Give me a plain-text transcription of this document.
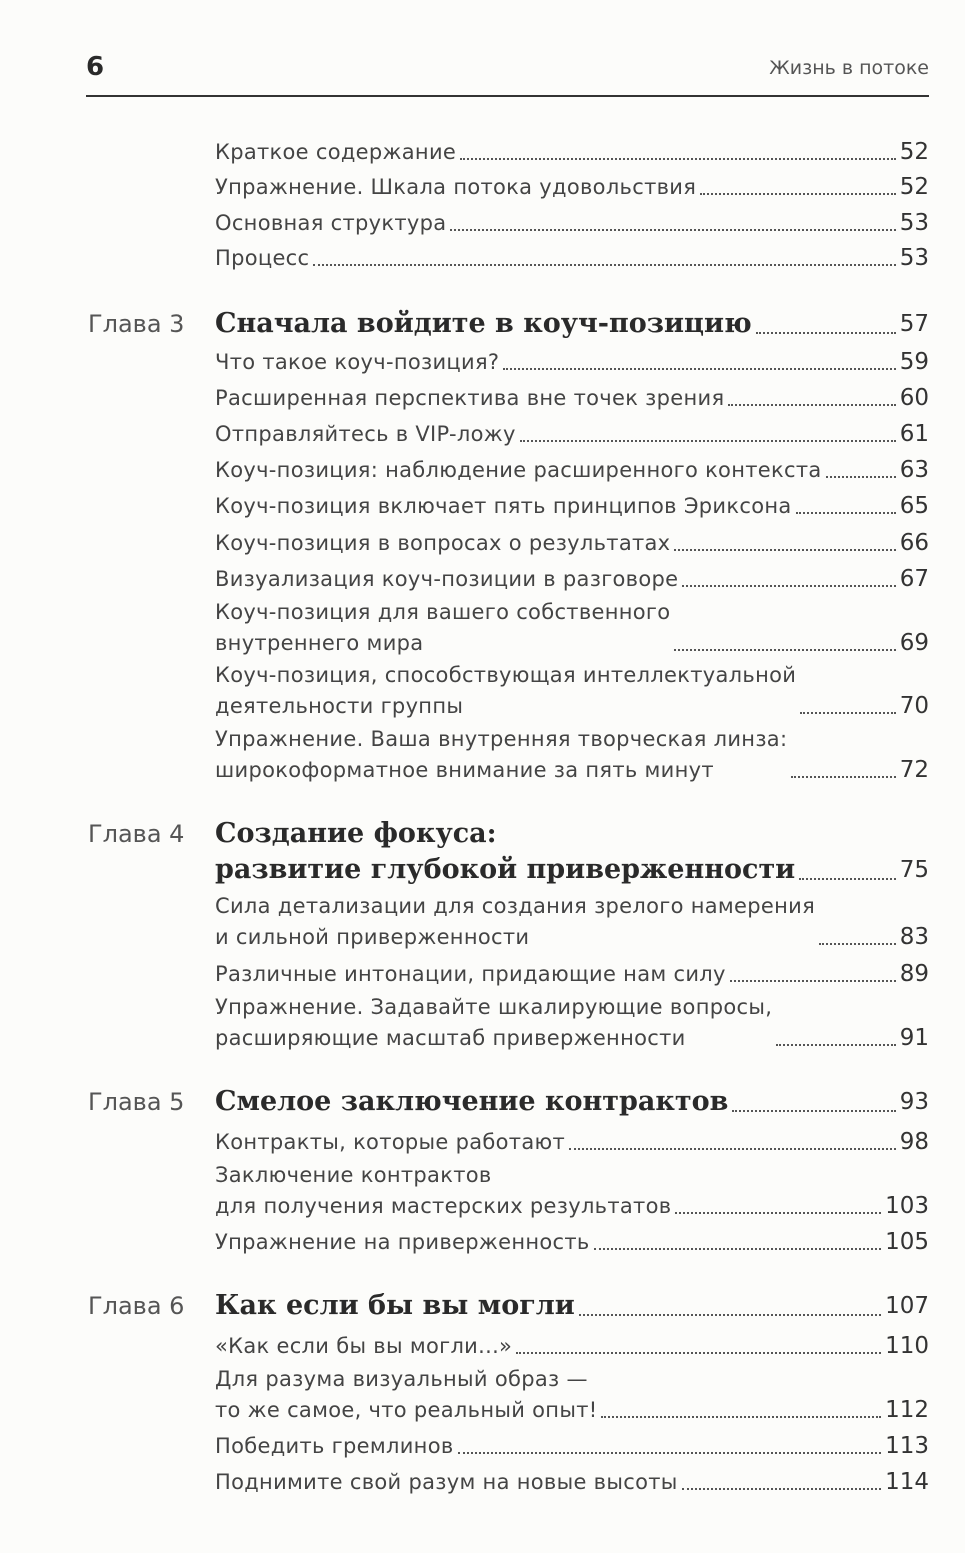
6	Жизнь в потоке
Краткое содержание	52
Упражнение. Шкала потока удовольствия	52
Основная структура	53
Процесс	53
Глава 3 Сначала войдите в коуч-позицию	57
Что такое коуч-позиция?	59
Расширенная перспектива вне точек зрения	60
Отправляйтесь в VIP-ложу	61
Коуч-позиция: наблюдение расширенного контекста	63
Коуч-позиция включает пять принципов Эриксона	65
Коуч-позиция в вопросах о результатах	66
Визуализация коуч-позиции в разговоре	67
Коуч-позиция для вашего собственного
внутреннего мира	69
Коуч-позиция, способствующая интеллектуальной
деятельности группы	70
Упражнение. Ваша внутренняя творческая линза:
широкоформатное внимание за пять минут	72
Глава 4 Создание фокуса:
развитие глубокой приверженности	75
Сила детализации для создания зрелого намерения
и сильной приверженности	83
Различные интонации, придающие нам силу	89
Упражнение. Задавайте шкалирующие вопросы,
расширяющие масштаб приверженности	91
Глава 5 Смелое заключение контрактов	93
Контракты, которые работают	98
Заключение контрактов
для получения мастерских результатов	103
Упражнение на приверженность	105
Глава 6 Как если бы вы могли	107
«Как если бы вы могли...»	110
Для разума визуальный образ —
то же самое, что реальный опыт!	112
Победить гремлинов	113
Поднимите свой разум на новые высоты	114
